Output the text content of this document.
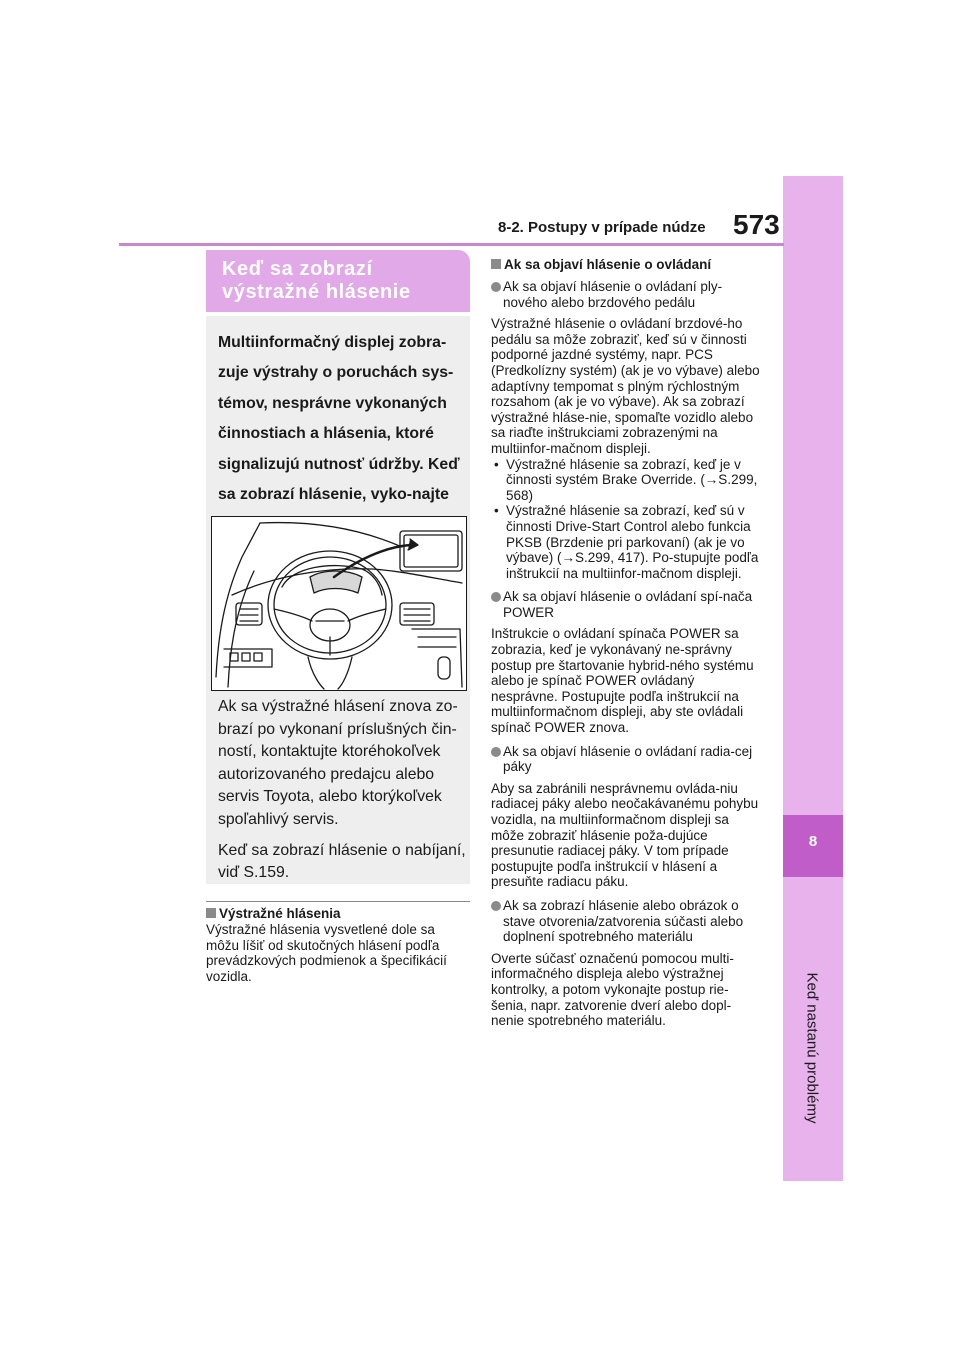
8
Keď nastanú problémy
8-2. Postupy v prípade núdze 573
Keď sa zobrazí výstražné hlásenie
Multiinformačný displej zobra-zuje výstrahy o poruchách sys-témov, nesprávne vykonaných činnostiach a hlásenia, ktoré signalizujú nutnosť údržby. Keď sa zobrazí hlásenie, vyko-najte

Ak sa výstražné hlásení znova zo-brazí po vykonaní príslušných čin-ností, kontaktujte ktoréhokoľvek autorizovaného predajcu alebo servis Toyota, alebo ktorýkoľvek spoľahlivý servis.

Keď sa zobrazí hlásenie o nabíjaní, viď S.159.

Výstražné hlásenia

Výstražné hlásenia vysvetlené dole sa môžu líšiť od skutočných hlásení podľa prevádzkových podmienok a špecifikácií vozidla.

Ak sa objaví hlásenie o ovládaní
Ak sa objaví hlásenie o ovládaní ply-nového alebo brzdového pedálu

Výstražné hlásenie o ovládaní brzdové-ho pedálu sa môže zobraziť, keď sú v činnosti podporné jazdné systémy, napr. PCS (Predkolízny systém) (ak je vo výbave) alebo adaptívny tempomat s plným rýchlostným rozsahom (ak je vo výbave). Ak sa zobrazí výstražné hláse-nie, spomaľte vozidlo alebo sa riaďte inštrukciami zobrazenými na multiinfor-mačnom displeji.

• Výstražné hlásenie sa zobrazí, keď je v činnosti systém Brake Override. (→S.299, 568)
• Výstražné hlásenie sa zobrazí, keď sú v činnosti Drive-Start Control alebo funkcia PKSB (Brzdenie pri parkovaní) (ak je vo výbave) (→S.299, 417). Po-stupujte podľa inštrukcií na multiinfor-mačnom displeji.
Ak sa objaví hlásenie o ovládaní spí-nača POWER

Inštrukcie o ovládaní spínača POWER sa zobrazia, keď je vykonávaný ne-správny postup pre štartovanie hybrid-ného systému alebo je spínač POWER ovládaný nesprávne. Postupujte podľa inštrukcií na multiinformačnom displeji, aby ste ovládali spínač POWER znova.

Ak sa objaví hlásenie o ovládaní radia-cej páky

Aby sa zabránili nesprávnemu ovláda-niu radiacej páky alebo neočakávanému pohybu vozidla, na multiinformačnom displeji sa môže zobraziť hlásenie poža-dujúce presunutie radiacej páky. V tom prípade postupujte podľa inštrukcií v hlásení a presuňte radiacu páku.

Ak sa zobrazí hlásenie alebo obrázok o stave otvorenia/zatvorenia súčasti alebo doplnení spotrebného materiálu

Overte súčasť označenú pomocou multi-informačného displeja alebo výstražnej kontrolky, a potom vykonajte postup rie-šenia, napr. zatvorenie dverí alebo dopl-nenie spotrebného materiálu.
